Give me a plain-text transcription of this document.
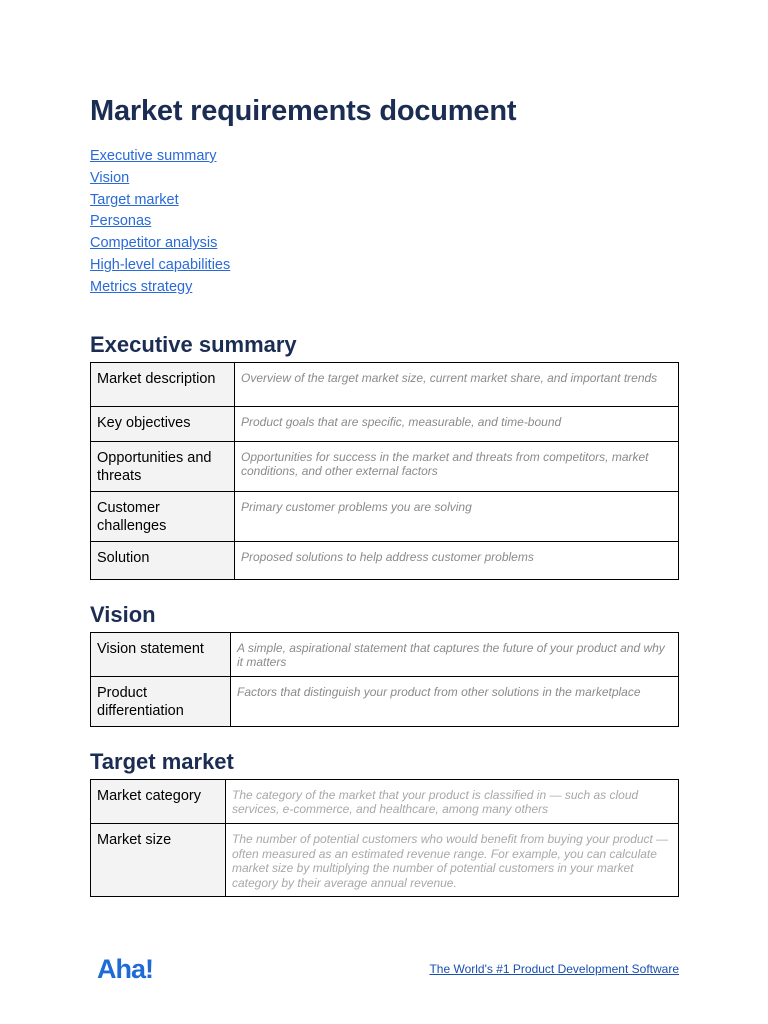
Market requirements document
Executive summary
Vision
Target market
Personas
Competitor analysis
High-level capabilities
Metrics strategy
Executive summary
Market description	Overview of the target market size, current market share, and important trends
Key objectives	Product goals that are specific, measurable, and time-bound
Opportunities and threats	Opportunities for success in the market and threats from competitors, market conditions, and other external factors
Customer challenges	Primary customer problems you are solving
Solution	Proposed solutions to help address customer problems
Vision
Vision statement	A simple, aspirational statement that captures the future of your product and why it matters
Product differentiation	Factors that distinguish your product from other solutions in the marketplace
Target market
Market category	The category of the market that your product is classified in — such as cloud services, e-commerce, and healthcare, among many others
Market size	The number of potential customers who would benefit from buying your product — often measured as an estimated revenue range. For example, you can calculate market size by multiplying the number of potential customers in your market category by their average annual revenue.
Aha!	The World's #1 Product Development Software
